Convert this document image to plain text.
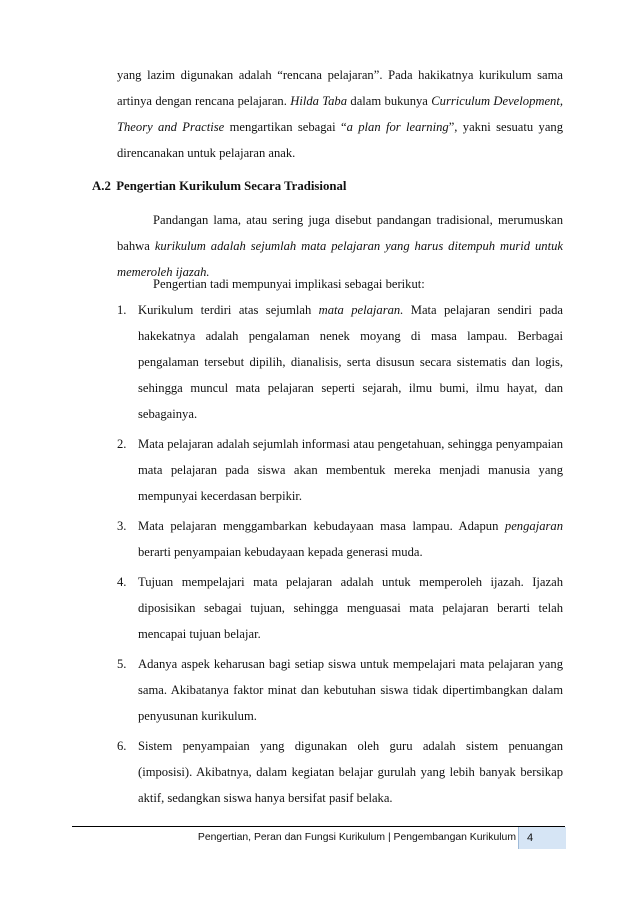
yang lazim digunakan adalah “rencana pelajaran”. Pada hakikatnya kurikulum sama artinya dengan rencana pelajaran. Hilda Taba dalam bukunya Curriculum Development, Theory and Practise mengartikan sebagai “a plan for learning”, yakni sesuatu yang direncanakan untuk pelajaran anak.

A.2 Pengertian Kurikulum Secara Tradisional

Pandangan lama, atau sering juga disebut pandangan tradisional, merumuskan bahwa kurikulum adalah sejumlah mata pelajaran yang harus ditempuh murid untuk memeroleh ijazah.

Pengertian tadi mempunyai implikasi sebagai berikut:

1. Kurikulum terdiri atas sejumlah mata pelajaran. Mata pelajaran sendiri pada hakekatnya adalah pengalaman nenek moyang di masa lampau. Berbagai pengalaman tersebut dipilih, dianalisis, serta disusun secara sistematis dan logis, sehingga muncul mata pelajaran seperti sejarah, ilmu bumi, ilmu hayat, dan sebagainya.
2. Mata pelajaran adalah sejumlah informasi atau pengetahuan, sehingga penyampaian mata pelajaran pada siswa akan membentuk mereka menjadi manusia yang mempunyai kecerdasan berpikir.
3. Mata pelajaran menggambarkan kebudayaan masa lampau. Adapun pengajaran berarti penyampaian kebudayaan kepada generasi muda.
4. Tujuan mempelajari mata pelajaran adalah untuk memperoleh ijazah. Ijazah diposisikan sebagai tujuan, sehingga menguasai mata pelajaran berarti telah mencapai tujuan belajar.
5. Adanya aspek keharusan bagi setiap siswa untuk mempelajari mata pelajaran yang sama. Akibatanya faktor minat dan kebutuhan siswa tidak dipertimbangkan dalam penyusunan kurikulum.
6. Sistem penyampaian yang digunakan oleh guru adalah sistem penuangan (imposisi). Akibatnya, dalam kegiatan belajar gurulah yang lebih banyak bersikap aktif, sedangkan siswa hanya bersifat pasif belaka.
Pengertian, Peran dan Fungsi Kurikulum | Pengembangan Kurikulum	4
